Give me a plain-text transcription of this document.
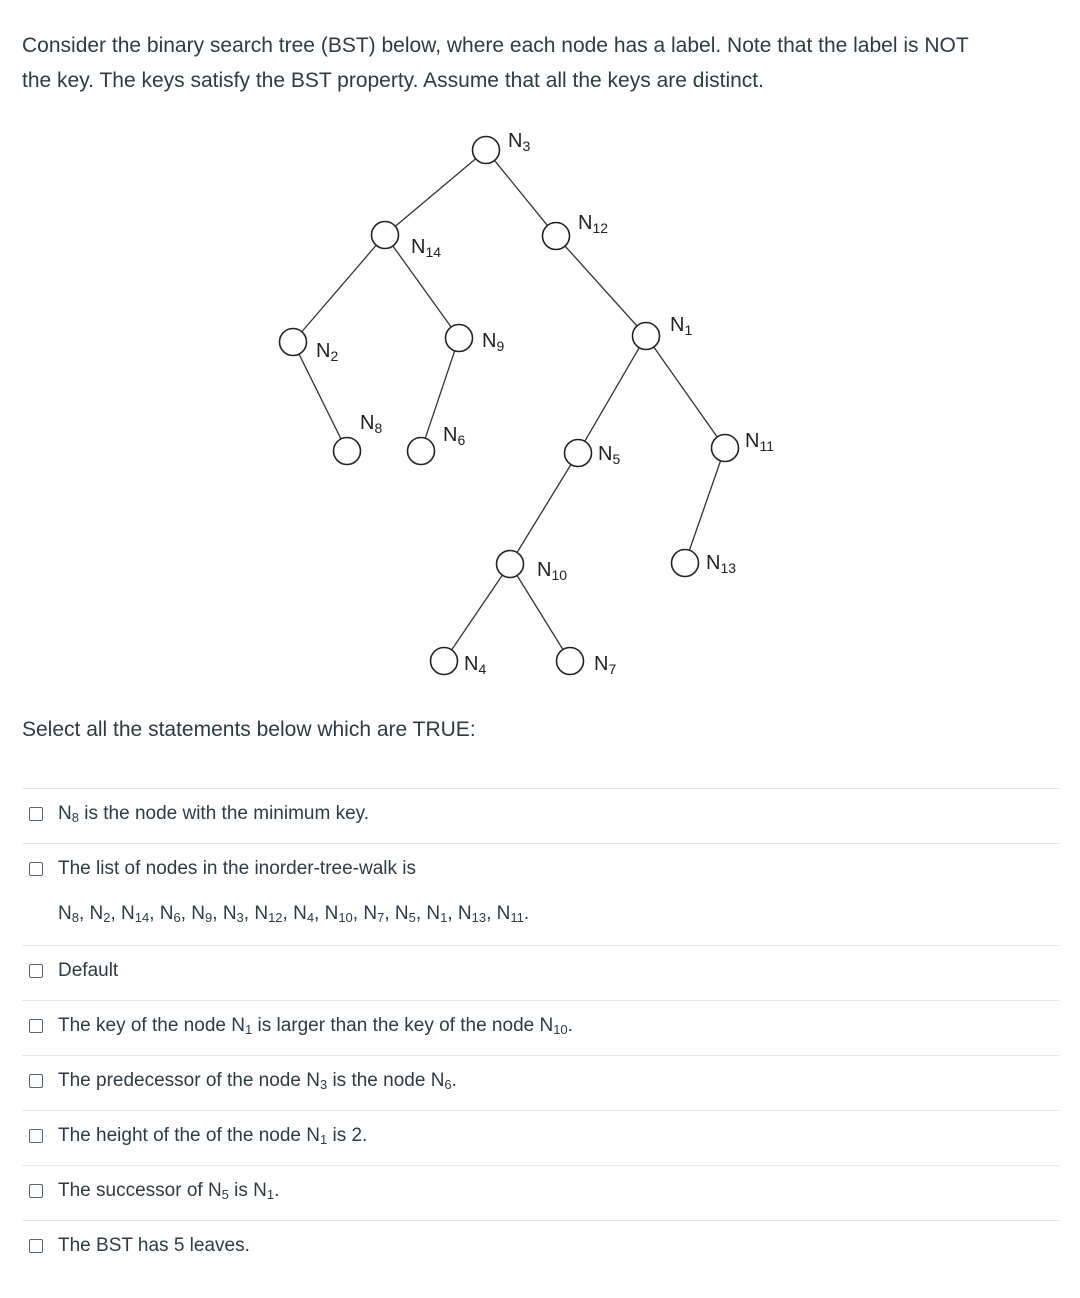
Consider the binary search tree (BST) below, where each node has a label. Note that the label is NOT

the key. The keys satisfy the BST property. Assume that all the keys are distinct.

$N_3$
$N_{14}$
$N_{12}$
$N_2$
$N_9$
$N_1$
$N_8$	$N_6$
$N_5$
$N_{11}$
$N_{10}$
$N_{13}$
$N_4$	$N_7$
Select all the statements below which are TRUE:
$N_8$ is the node with the minimum key.
The list of nodes in the inorder-tree-walk is
$N_8$, $N_2$, $N_{14}$, $N_6$, $N_9$, $N_3$, $N_{12}$, $N_4$, $N_{10}$, $N_7$, $N_5$, $N_1$, $N_{13}$, $N_{11}$.
Default
The key of the node $N_1$ is larger than the key of the node $N_{10}$.
The predecessor of the node $N_3$ is the node $N_6$.
The height of the of the node $N_1$ is 2.
The successor of $N_5$ is $N_1$.
The BST has 5 leaves.
